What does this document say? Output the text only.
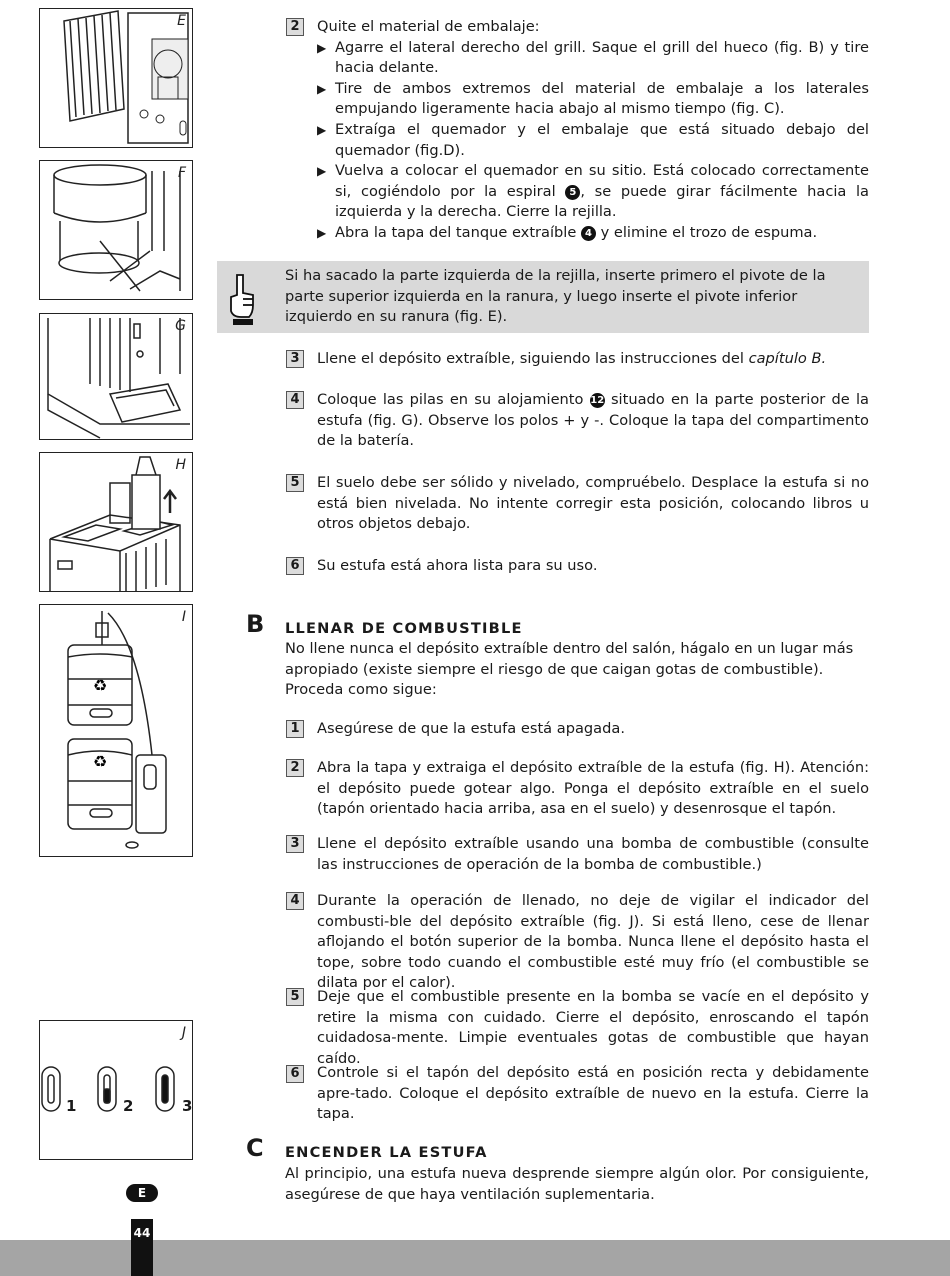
E
F
G
H
♻
♻
I
J
1	2	3
E
44
2	Quite el material de embalaje:
▶ Agarre el lateral derecho del grill. Saque el grill del hueco (fig. B) y tire hacia delante.
▶ Tire de ambos extremos del material de embalaje a los laterales empujando ligeramente hacia abajo al mismo tiempo (fig. C).
▶ Extraíga el quemador y el embalaje que está situado debajo del quemador (fig.D).
▶ Vuelva a colocar el quemador en su sitio. Está colocado correctamente si, cogiéndolo por la espiral 5 , se puede girar fácilmente hacia la izquierda y la derecha. Cierre la rejilla.
▶ Abra la tapa del tanque extraíble 4 y elimine el trozo de espuma.
Si ha sacado la parte izquierda de la rejilla, inserte primero el pivote de la parte superior izquierda en la ranura, y luego inserte el pivote inferior izquierdo en su ranura (fig. E).
3	Llene el depósito extraíble, siguiendo las instrucciones del capítulo B.
4	Coloque las pilas en su alojamiento 12 situado en la parte posterior de la estufa (fig. G). Observe los polos + y -. Coloque la tapa del compartimento de la batería.
5	El suelo debe ser sólido y nivelado, compruébelo. Desplace la estufa si no está bien nivelada. No intente corregir esta posición, colocando libros u otros objetos debajo.
6	Su estufa está ahora lista para su uso.
B LLENAR DE COMBUSTIBLE
No llene nunca el depósito extraíble dentro del salón, hágalo en un lugar más apropiado (existe siempre el riesgo de que caigan gotas de combustible). Proceda como sigue:
1	Asegúrese de que la estufa está apagada.
2	Abra la tapa y extraiga el depósito extraíble de la estufa (fig. H). Atención: el depósito puede gotear algo. Ponga el depósito extraíble en el suelo (tapón orientado hacia arriba, asa en el suelo) y desenrosque el tapón.
3	Llene el depósito extraíble usando una bomba de combustible (consulte las instrucciones de operación de la bomba de combustible.)
4	Durante la operación de llenado, no deje de vigilar el indicador del combusti-ble del depósito extraíble (fig. J). Si está lleno, cese de llenar aflojando el botón superior de la bomba. Nunca llene el depósito hasta el tope, sobre todo cuando el combustible esté muy frío (el combustible se dilata por el calor).
5	Deje que el combustible presente en la bomba se vacíe en el depósito y retire la misma con cuidado. Cierre el depósito, enroscando el tapón cuidadosa-mente. Limpie eventuales gotas de combustible que hayan caído.
6	Controle si el tapón del depósito está en posición recta y debidamente apre-tado. Coloque el depósito extraíble de nuevo en la estufa. Cierre la tapa.
C ENCENDER LA ESTUFA
Al principio, una estufa nueva desprende siempre algún olor. Por consiguiente, asegúrese de que haya ventilación suplementaria.
